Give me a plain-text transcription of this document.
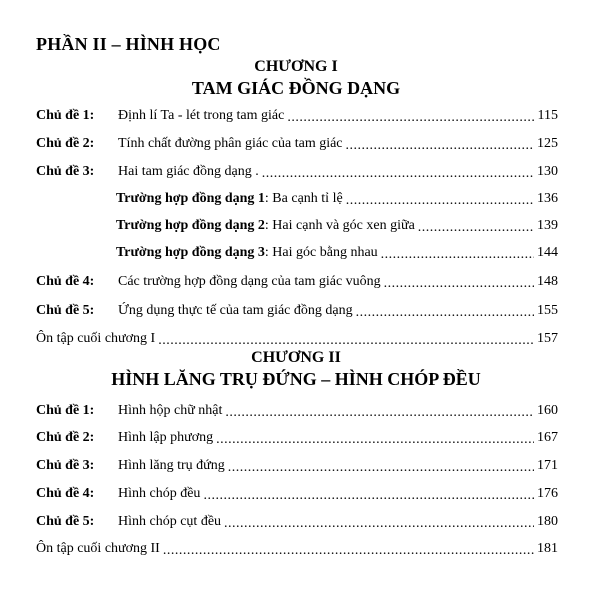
PHẦN II – HÌNH HỌC
CHƯƠNG I
TAM GIÁC ĐỒNG DẠNG
Chủ đề 1:	Định lí Ta - lét trong tam giác .....	115
Chủ đề 2:	Tính chất đường phân giác của tam giác .....	125
Chủ đề 3:	Hai tam giác đồng dạng . .....	130
Trường hợp đồng dạng 1: Ba cạnh tỉ lệ .....	136
Trường hợp đồng dạng 2: Hai cạnh và góc xen giữa .....	139
Trường hợp đồng dạng 3: Hai góc bằng nhau .....	144
Chủ đề 4:	Các trường hợp đồng dạng của tam giác vuông .....	148
Chủ đề 5:	Ứng dụng thực tế của tam giác đồng dạng .....	155
Ôn tập cuối chương I .....	157
CHƯƠNG II
HÌNH LĂNG TRỤ ĐỨNG – HÌNH CHÓP ĐỀU
Chủ đề 1:	Hình hộp chữ nhật .....	160
Chủ đề 2:	Hình lập phương .....	167
Chủ đề 3:	Hình lăng trụ đứng .....	171
Chủ đề 4:	Hình chóp đều .....	176
Chủ đề 5:	Hình chóp cụt đều .....	180
Ôn tập cuối chương II .....	181
